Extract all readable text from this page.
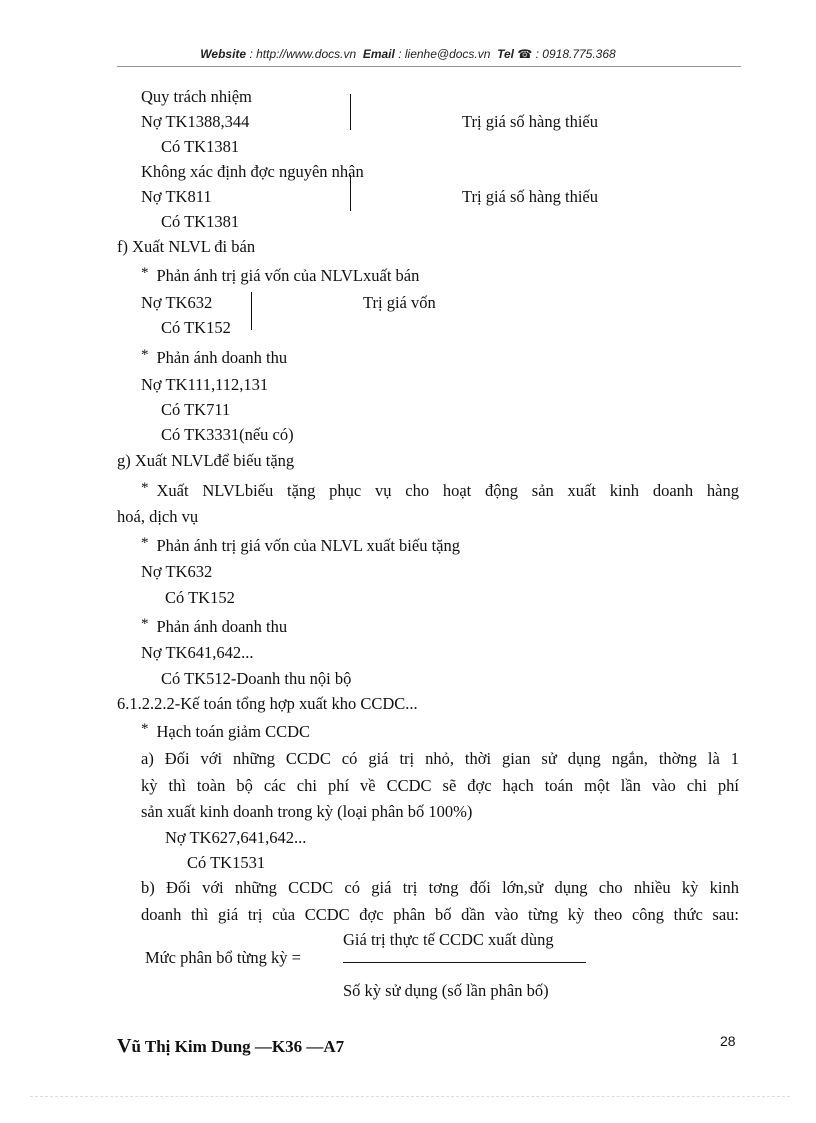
Website : http://www.docs.vn Email : lienhe@docs.vn Tel ☎ : 0918.775.368
Quy trách nhiệm
Nợ TK1388,344	Trị giá số hàng thiếu
Có TK1381
Không xác định đợc nguyên nhân
Nợ TK811	Trị giá số hàng thiếu
Có TK1381
f) Xuất NLVL đi bán
* Phản ánh trị giá vốn của NLVLxuất bán
Nợ TK632	Trị giá vốn
Có TK152
* Phản ánh doanh thu
Nợ TK111,112,131
Có TK711
Có TK3331(nếu có)
g) Xuất NLVLđể biếu tặng
* Xuất NLVLbiếu tặng phục vụ cho hoạt động sản xuất kinh doanh hàng
hoá, dịch vụ
* Phản ánh trị giá vốn của NLVL xuất biếu tặng
Nợ TK632
Có TK152
* Phản ánh doanh thu
Nợ TK641,642...
Có TK512-Doanh thu nội bộ
6.1.2.2.2-Kế toán tổng hợp xuất kho CCDC...
* Hạch toán giảm CCDC
a) Đối với những CCDC có giá trị nhỏ, thời gian sử dụng ngắn, thờng là 1
kỳ thì toàn bộ các chi phí về CCDC sẽ đợc hạch toán một lần vào chi phí
sản xuất kinh doanh trong kỳ (loại phân bố 100%)
Nợ TK627,641,642...
Có TK1531
b) Đối với những CCDC có giá trị tơng đối lớn,sử dụng cho nhiều kỳ kinh
doanh thì giá trị của CCDC đợc phân bố dần vào từng kỳ theo công thức sau:
Giá trị thực tế CCDC xuất dùng
Mức phân bổ từng kỳ =
Số kỳ sử dụng (số lần phân bố)
Vũ Thị Kim Dung —K36 —A7	28
